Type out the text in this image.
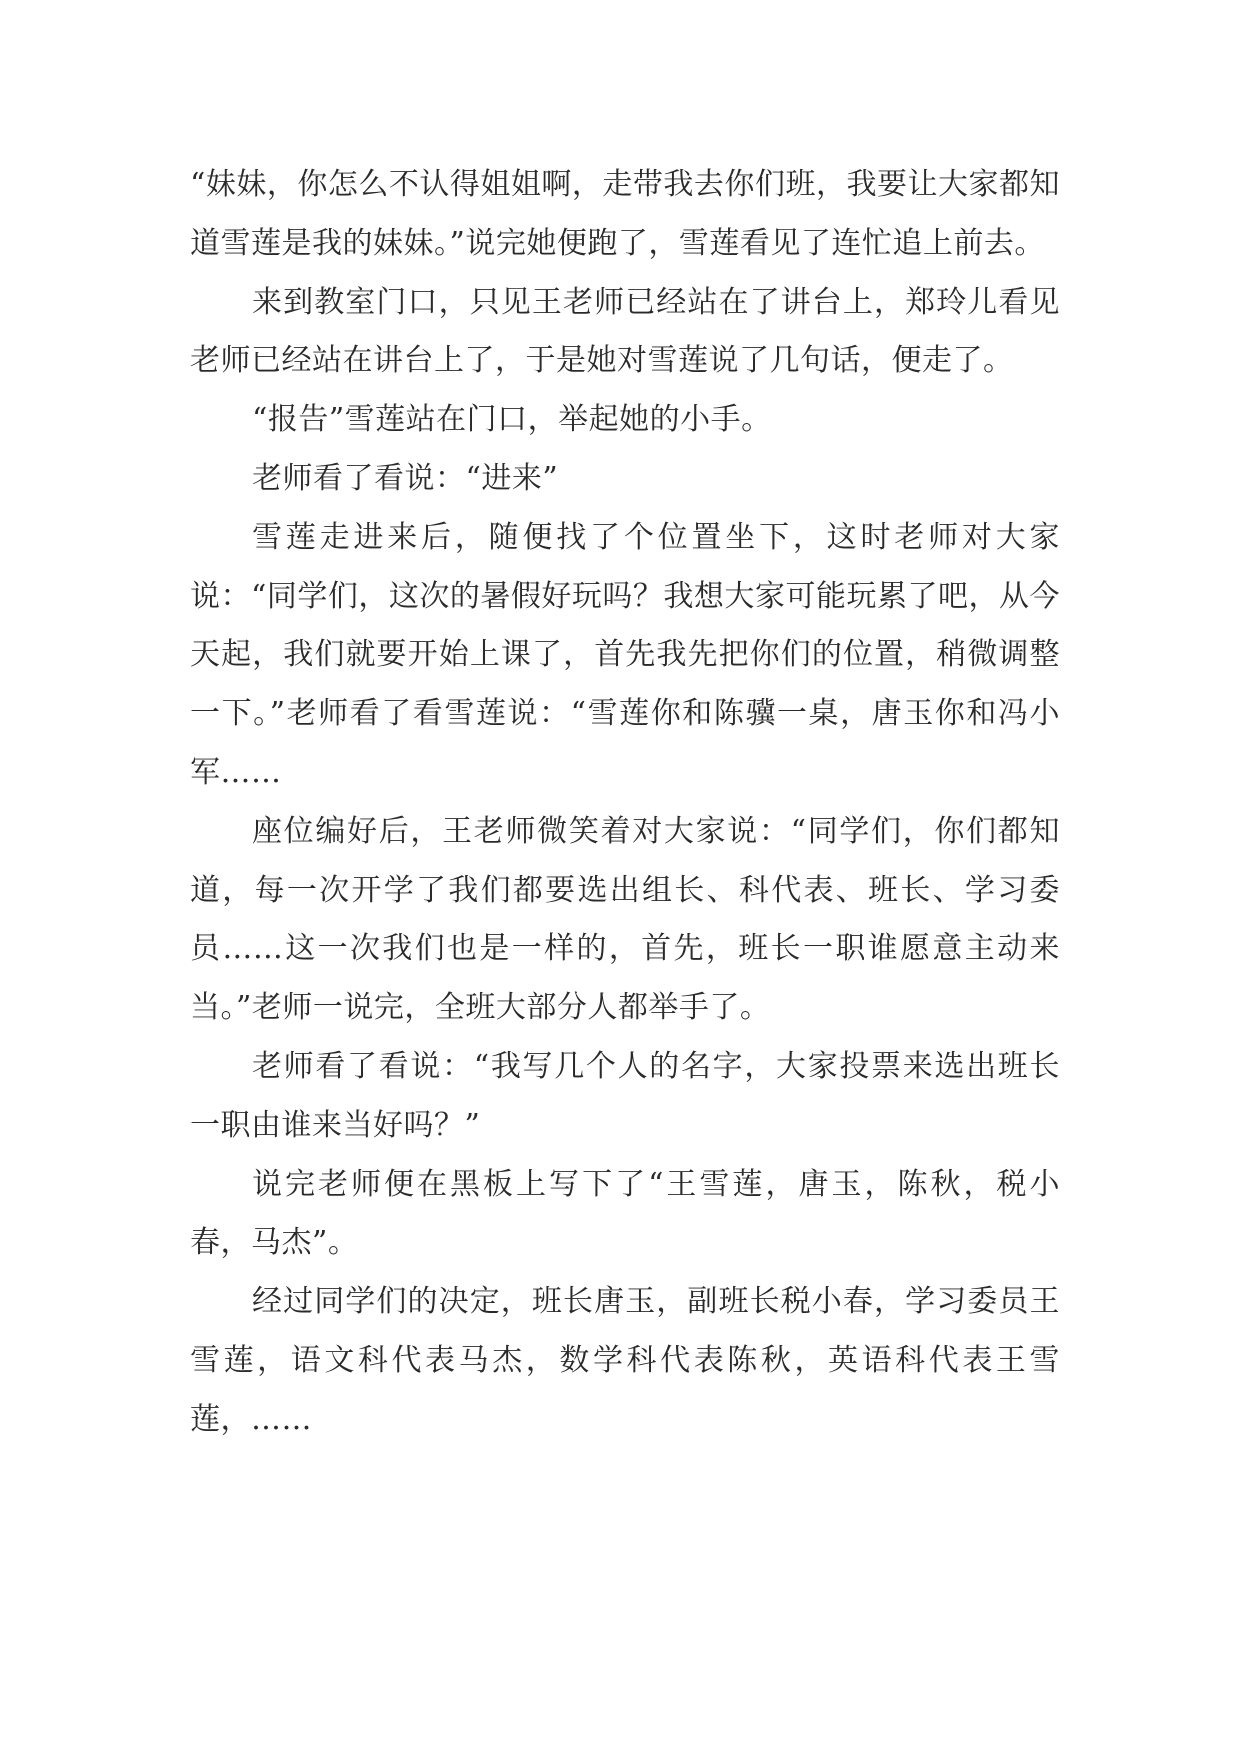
“妹妹，你怎么不认得姐姐啊，走带我去你们班，我要让大家都知道雪莲是我的妹妹。”说完她便跑了，雪莲看见了连忙追上前去。

来到教室门口，只见王老师已经站在了讲台上，郑玲儿看见老师已经站在讲台上了，于是她对雪莲说了几句话，便走了。

“报告”雪莲站在门口，举起她的小手。

老师看了看说：“进来”

雪莲走进来后，随便找了个位置坐下，这时老师对大家说：“同学们，这次的暑假好玩吗？我想大家可能玩累了吧，从今天起，我们就要开始上课了，首先我先把你们的位置，稍微调整一下。”老师看了看雪莲说：“雪莲你和陈骥一桌，唐玉你和冯小军……

座位编好后，王老师微笑着对大家说：“同学们，你们都知道，每一次开学了我们都要选出组长、科代表、班长、学习委员……这一次我们也是一样的，首先，班长一职谁愿意主动来当。”老师一说完，全班大部分人都举手了。

老师看了看说：“我写几个人的名字，大家投票来选出班长一职由谁来当好吗？”

说完老师便在黑板上写下了“王雪莲，唐玉，陈秋，税小春，马杰”。

经过同学们的决定，班长唐玉，副班长税小春，学习委员王雪莲，语文科代表马杰，数学科代表陈秋，英语科代表王雪莲，……
